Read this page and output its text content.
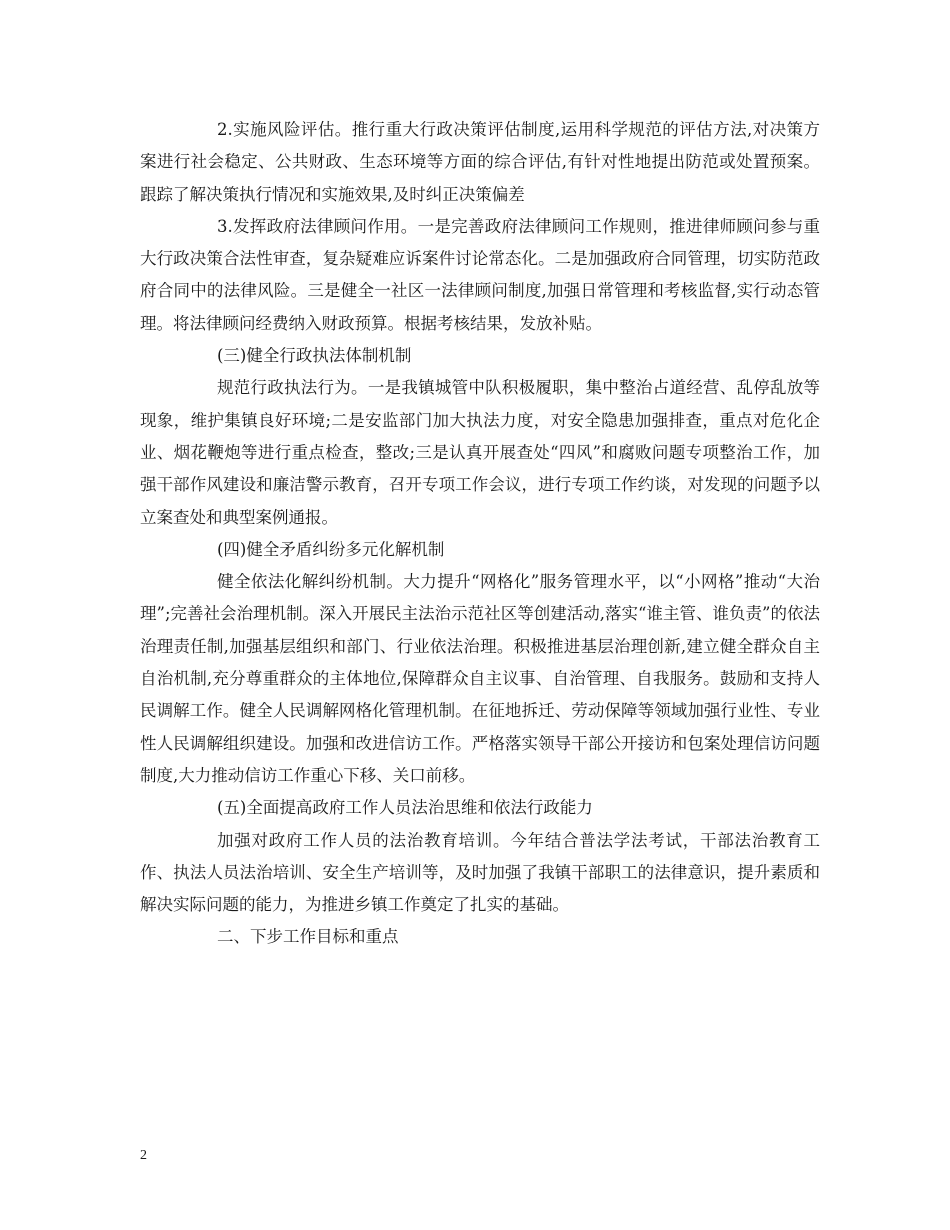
2.实施风险评估。推行重大行政决策评估制度,运用科学规范的评估方法,对决策方案进行社会稳定、公共财政、生态环境等方面的综合评估,有针对性地提出防范或处置预案。跟踪了解决策执行情况和实施效果,及时纠正决策偏差

3.发挥政府法律顾问作用。一是完善政府法律顾问工作规则，推进律师顾问参与重大行政决策合法性审查，复杂疑难应诉案件讨论常态化。二是加强政府合同管理，切实防范政府合同中的法律风险。三是健全一社区一法律顾问制度,加强日常管理和考核监督,实行动态管理。将法律顾问经费纳入财政预算。根据考核结果，发放补贴。

(三)健全行政执法体制机制

规范行政执法行为。一是我镇城管中队积极履职，集中整治占道经营、乱停乱放等现象，维护集镇良好环境;二是安监部门加大执法力度，对安全隐患加强排查，重点对危化企业、烟花鞭炮等进行重点检查，整改;三是认真开展查处“四风”和腐败问题专项整治工作，加强干部作风建设和廉洁警示教育，召开专项工作会议，进行专项工作约谈，对发现的问题予以立案查处和典型案例通报。

(四)健全矛盾纠纷多元化解机制

健全依法化解纠纷机制。大力提升“网格化”服务管理水平，以“小网格”推动“大治理”;完善社会治理机制。深入开展民主法治示范社区等创建活动,落实“谁主管、谁负责”的依法治理责任制,加强基层组织和部门、行业依法治理。积极推进基层治理创新,建立健全群众自主自治机制,充分尊重群众的主体地位,保障群众自主议事、自治管理、自我服务。鼓励和支持人民调解工作。健全人民调解网格化管理机制。在征地拆迁、劳动保障等领域加强行业性、专业性人民调解组织建设。加强和改进信访工作。严格落实领导干部公开接访和包案处理信访问题制度,大力推动信访工作重心下移、关口前移。

(五)全面提高政府工作人员法治思维和依法行政能力

加强对政府工作人员的法治教育培训。今年结合普法学法考试，干部法治教育工作、执法人员法治培训、安全生产培训等，及时加强了我镇干部职工的法律意识，提升素质和解决实际问题的能力，为推进乡镇工作奠定了扎实的基础。

二、下步工作目标和重点

2
